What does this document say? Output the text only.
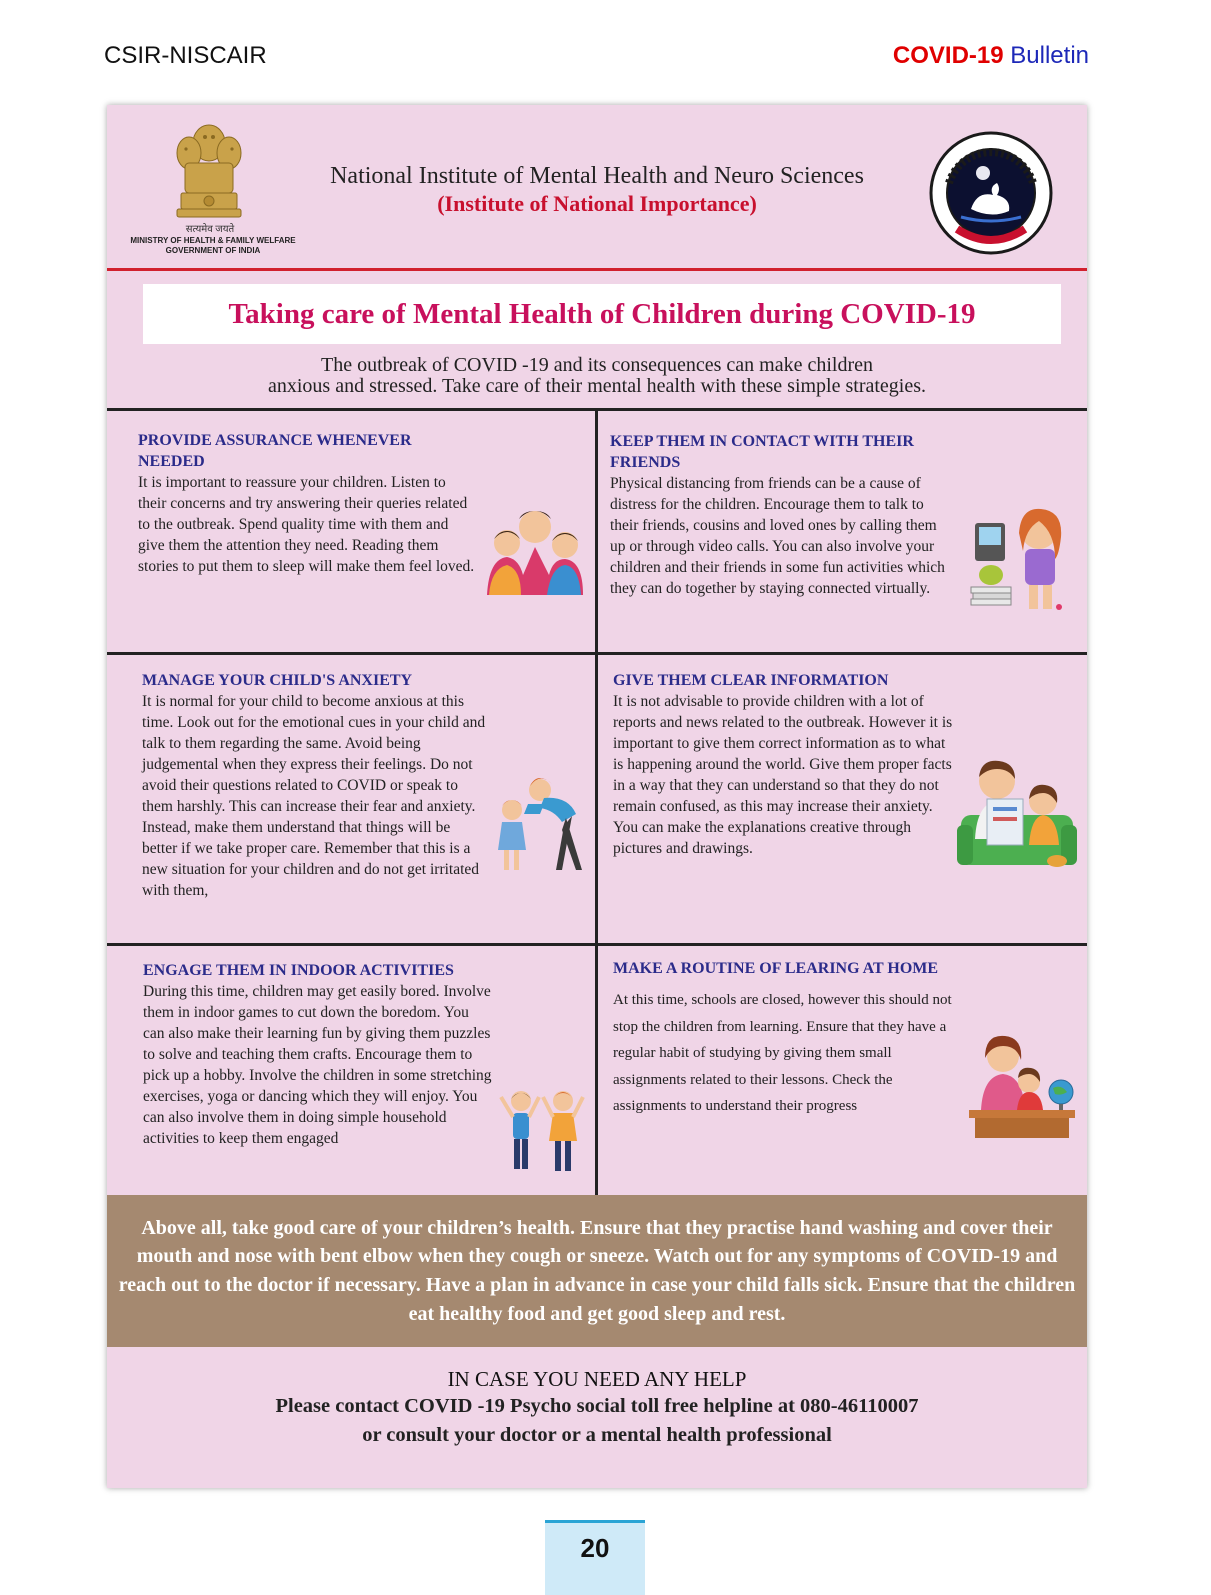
CSIR-NISCAIR	COVID-19 Bulletin
सत्यमेव जयते
MINISTRY OF HEALTH & FAMILY WELFARE
GOVERNMENT OF INDIA
National Institute of Mental Health and Neuro Sciences
(Institute of National Importance)
Taking care of Mental Health of Children during COVID-19
The outbreak of COVID -19 and its consequences can make children
anxious and stressed. Take care of their mental health with these simple strategies.
PROVIDE ASSURANCE WHENEVER NEEDED
It is important to reassure your children. Listen to their concerns and try answering their queries related to the outbreak. Spend quality time with them and give them the attention they need. Reading them stories to put them to sleep will make them feel loved.
KEEP THEM IN CONTACT WITH THEIR FRIENDS
Physical distancing from friends can be a cause of distress for the children. Encourage them to talk to their friends, cousins and loved ones by calling them up or through video calls. You can also involve your children and their friends in some fun activities which they can do together by staying connected virtually.
MANAGE YOUR CHILD'S ANXIETY
It is normal for your child to become anxious at this time. Look out for the emotional cues in your child and talk to them regarding the same. Avoid being judgemental when they express their feelings. Do not avoid their questions related to COVID or speak to them harshly. This can increase their fear and anxiety. Instead, make them understand that things will be better if we take proper care. Remember that this is a new situation for your children and do not get irritated with them,
GIVE THEM CLEAR INFORMATION
It is not advisable to provide children with a lot of reports and news related to the outbreak. However it is important to give them correct information as to what is happening around the world. Give them proper facts in a way that they can understand so that they do not remain confused, as this may increase their anxiety. You can make the explanations creative through pictures and drawings.
ENGAGE THEM IN INDOOR ACTIVITIES
During this time, children may get easily bored. Involve them in indoor games to cut down the boredom. You can also make their learning fun by giving them puzzles to solve and teaching them crafts. Encourage them to pick up a hobby. Involve the children in some stretching exercises, yoga or dancing which they will enjoy. You can also involve them in doing simple household activities to keep them engaged
MAKE A ROUTINE OF LEARING AT HOME
At this time, schools are closed, however this should not stop the children from learning. Ensure that they have a regular habit of studying by giving them small assignments related to their lessons. Check the assignments to understand their progress
Above all, take good care of your children’s health. Ensure that they practise hand washing and cover their mouth and nose with bent elbow when they cough or sneeze. Watch out for any symptoms of COVID-19 and reach out to the doctor if necessary. Have a plan in advance in case your child falls sick. Ensure that the children eat healthy food and get good sleep and rest.
IN CASE YOU NEED ANY HELP
Please contact COVID -19 Psycho social toll free helpline at 080-46110007
or consult your doctor or a mental health professional
20
